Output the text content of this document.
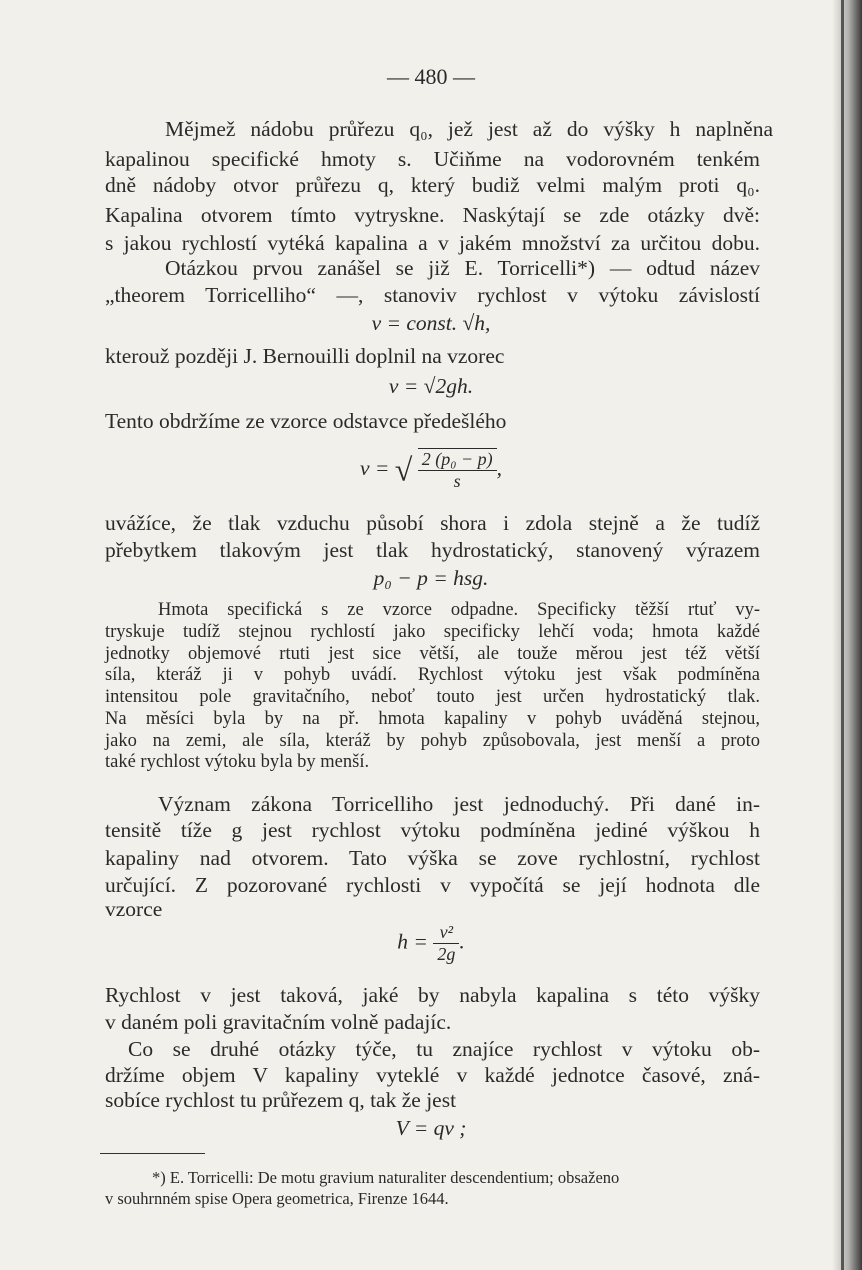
— 480 —
Mějmež nádobu průřezu q₀, jež jest až do výšky h naplněna
kapalinou specifické hmoty s. Učiňme na vodorovném tenkém
dně nádoby otvor průřezu q, který budiž velmi malým proti q₀.
Kapalina otvorem tímto vytryskne. Naskýtají se zde otázky dvě:
s jakou rychlostí vytéká kapalina a v jakém množství za určitou dobu.
Otázkou prvou zanášel se již E. Torricelli*) — odtud název
„theorem Torricelliho“ —, stanoviv rychlost v výtoku závislostí
v = const. √h,
kterouž později J. Bernouilli doplnil na vzorec
v = √2gh.
Tento obdržíme ze vzorce odstavce předešlého
v = √ $\frac{\text{2 (p₀ − p)}}{s}$ ,
uvážíce, že tlak vzduchu působí shora i zdola stejně a že tudíž
přebytkem tlakovým jest tlak hydrostatický, stanovený výrazem
p₀ − p = hsg.
Hmota specifická s ze vzorce odpadne. Specificky těžší rtuť vy-
tryskuje tudíž stejnou rychlostí jako specificky lehčí voda; hmota každé
jednotky objemové rtuti jest sice větší, ale touže měrou jest též větší
síla, kteráž ji v pohyb uvádí. Rychlost výtoku jest však podmíněna
intensitou pole gravitačního, neboť touto jest určen hydrostatický tlak.
Na měsíci byla by na př. hmota kapaliny v pohyb uváděná stejnou,
jako na zemi, ale síla, kteráž by pohyb způsobovala, jest menší a proto
také rychlost výtoku byla by menší.
Význam zákona Torricelliho jest jednoduchý. Při dané in-
tensitě tíže g jest rychlost výtoku podmíněna jediné výškou h
kapaliny nad otvorem. Tato výška se zove rychlostní, rychlost
určující. Z pozorované rychlosti v vypočítá se její hodnota dle
vzorce
$h = \frac{\text{v²}}{2g}$ .
Rychlost v jest taková, jaké by nabyla kapalina s této výšky
v daném poli gravitačním volně padajíc.
Co se druhé otázky týče, tu znajíce rychlost v výtoku ob-
držíme objem V kapaliny vyteklé v každé jednotce časové, zná-
sobíce rychlost tu průřezem q, tak že jest
V = qv ;
*) E. Torricelli: De motu gravium naturaliter descendentium; obsaženo
v souhrnném spise Opera geometrica, Firenze 1644.
